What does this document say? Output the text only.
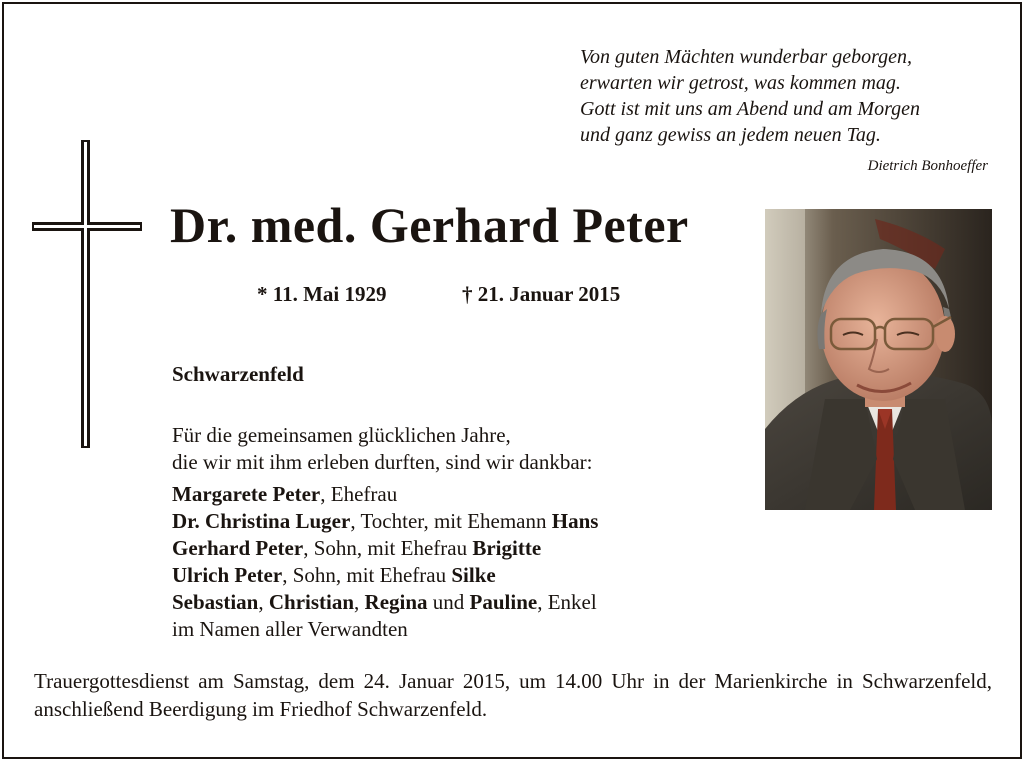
Von guten Mächten wunderbar geborgen,
erwarten wir getrost, was kommen mag.
Gott ist mit uns am Abend und am Morgen
und ganz gewiss an jedem neuen Tag.
Dietrich Bonhoeffer
Dr. med. Gerhard Peter
* 11. Mai 1929	† 21. Januar 2015
Schwarzenfeld
Für die gemeinsamen glücklichen Jahre,
die wir mit ihm erleben durften, sind wir dankbar:
Margarete Peter, Ehefrau
Dr. Christina Luger, Tochter, mit Ehemann Hans
Gerhard Peter, Sohn, mit Ehefrau Brigitte
Ulrich Peter, Sohn, mit Ehefrau Silke
Sebastian, Christian, Regina und Pauline, Enkel
im Namen aller Verwandten
Trauergottesdienst am Samstag, dem 24. Januar 2015, um 14.00 Uhr in der Marienkirche in Schwarzenfeld, anschließend Beerdigung im Friedhof Schwarzenfeld.
